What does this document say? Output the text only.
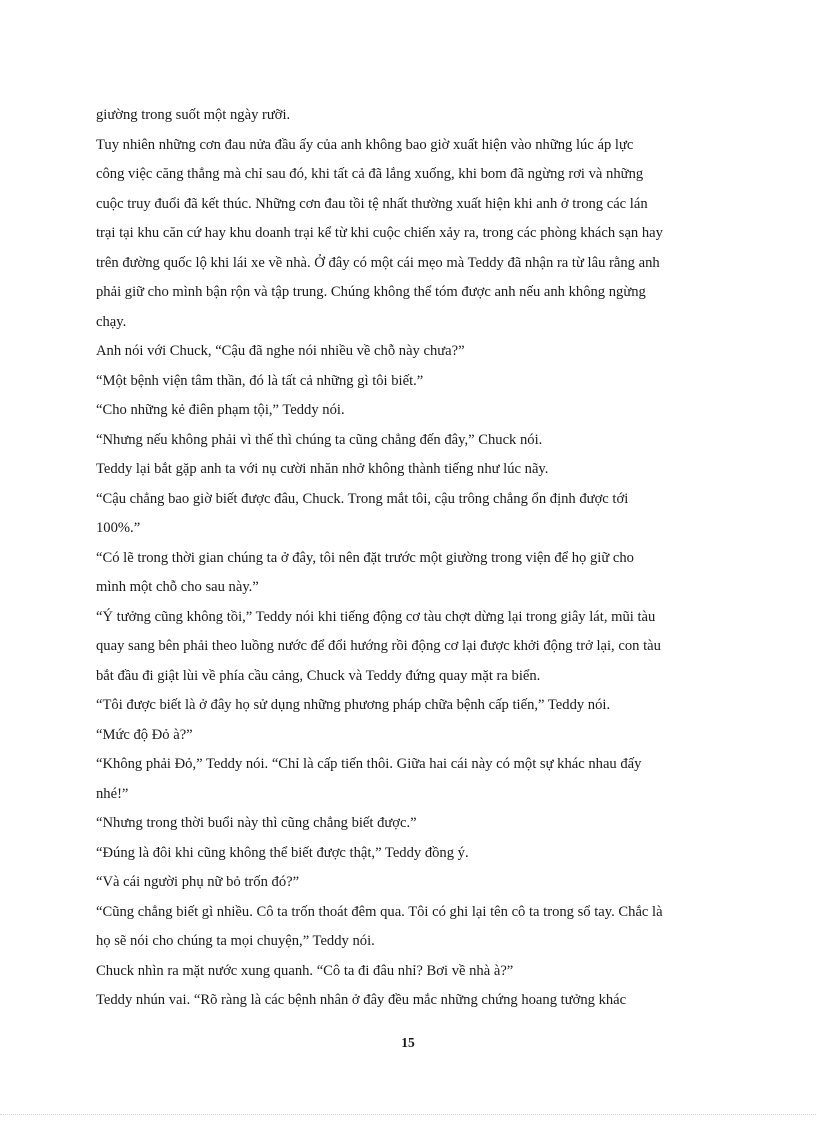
giường trong suốt một ngày rưỡi.
Tuy nhiên những cơn đau nửa đầu ấy của anh không bao giờ xuất hiện vào những lúc áp lực
công việc căng thẳng mà chỉ sau đó, khi tất cả đã lắng xuống, khi bom đã ngừng rơi và những
cuộc truy đuổi đã kết thúc. Những cơn đau tồi tệ nhất thường xuất hiện khi anh ở trong các lán
trại tại khu căn cứ hay khu doanh trại kể từ khi cuộc chiến xảy ra, trong các phòng khách sạn hay
trên đường quốc lộ khi lái xe về nhà. Ở đây có một cái mẹo mà Teddy đã nhận ra từ lâu rằng anh
phải giữ cho mình bận rộn và tập trung. Chúng không thể tóm được anh nếu anh không ngừng
chạy.
Anh nói với Chuck, “Cậu đã nghe nói nhiều về chỗ này chưa?”
“Một bệnh viện tâm thần, đó là tất cả những gì tôi biết.”
“Cho những kẻ điên phạm tội,” Teddy nói.
“Nhưng nếu không phải vì thế thì chúng ta cũng chẳng đến đây,” Chuck nói.
Teddy lại bắt gặp anh ta với nụ cười nhăn nhở không thành tiếng như lúc nãy.
“Cậu chẳng bao giờ biết được đâu, Chuck. Trong mắt tôi, cậu trông chẳng ổn định được tới
100%.”
“Có lẽ trong thời gian chúng ta ở đây, tôi nên đặt trước một giường trong viện để họ giữ cho
mình một chỗ cho sau này.”
“Ý tưởng cũng không tồi,” Teddy nói khi tiếng động cơ tàu chợt dừng lại trong giây lát, mũi tàu
quay sang bên phải theo luồng nước để đổi hướng rồi động cơ lại được khởi động trở lại, con tàu
bắt đầu đi giật lùi về phía cầu cảng, Chuck và Teddy đứng quay mặt ra biển.
“Tôi được biết là ở đây họ sử dụng những phương pháp chữa bệnh cấp tiến,” Teddy nói.
“Mức độ Đỏ à?”
“Không phải Đỏ,” Teddy nói. “Chỉ là cấp tiến thôi. Giữa hai cái này có một sự khác nhau đấy
nhé!”
“Nhưng trong thời buổi này thì cũng chẳng biết được.”
“Đúng là đôi khi cũng không thể biết được thật,” Teddy đồng ý.
“Và cái người phụ nữ bỏ trốn đó?”
“Cũng chẳng biết gì nhiều. Cô ta trốn thoát đêm qua. Tôi có ghi lại tên cô ta trong sổ tay. Chắc là
họ sẽ nói cho chúng ta mọi chuyện,” Teddy nói.
Chuck nhìn ra mặt nước xung quanh. “Cô ta đi đâu nhỉ? Bơi về nhà à?”
Teddy nhún vai. “Rõ ràng là các bệnh nhân ở đây đều mắc những chứng hoang tưởng khác
15
